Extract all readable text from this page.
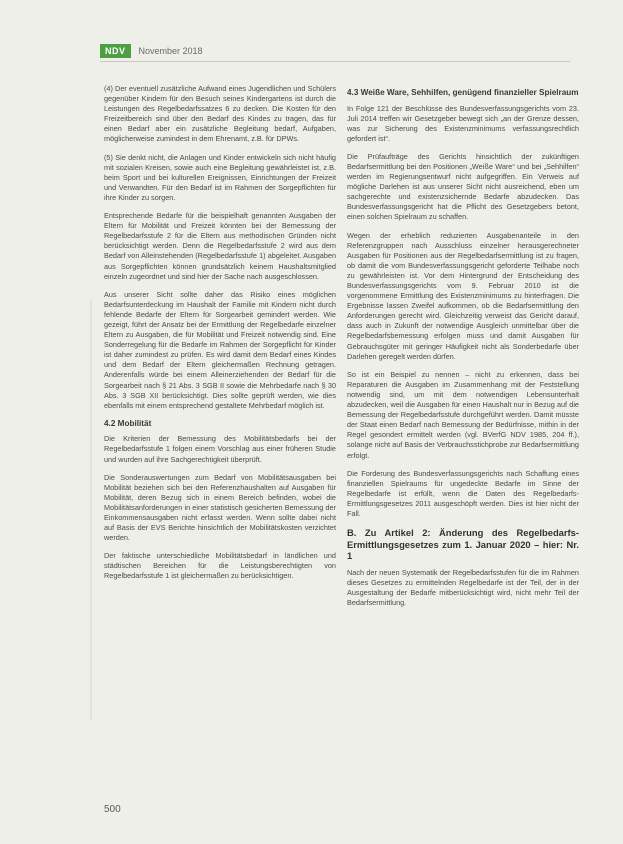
NDV	November 2018

(4) Der eventuell zusätzliche Aufwand eines Jugendlichen und Schülers gegenüber Kindern für den Besuch seines Kindergartens ist durch die Leistungen des Regelbedarfssatzes 6 zu decken. Die Kosten für den Freizeitbereich sind über den Bedarf des Kindes zu tragen, das für einen Bedarf aber ein zusätzliche Begleitung bedarf, Aufgaben, möglicherweise zumindest in dem Ehrenamt, z.B. für DPWs.

(5) Sie denkt nicht, die Anlagen und Kinder entwickeln sich nicht häufig mit sozialen Kreisen, sowie auch eine Begleitung gewährleistet ist, z.B. beim Sport und bei kulturellen Ereignissen, Einrichtungen der Freizeit und Verwandten. Für den Bedarf ist im Rahmen der Sorgepflichten für ihre Kinder zu sorgen.

Entsprechende Bedarfe für die beispielhaft genannten Ausgaben der Eltern für Mobilität und Freizeit könnten bei der Bemessung der Regelbedarfsstufe 2 für die Eltern aus methodischen Gründen nicht berücksichtigt werden. Denn die Regelbedarfsstufe 2 wird aus dem Bedarf von Alleinstehenden (Regelbedarfsstufe 1) abgeleitet. Ausgaben aus Sorgepflichten können grundsätzlich keinem Haushaltsmitglied einzeln zugeordnet und sind hier der Sache nach ausgeschlossen.

Aus unserer Sicht sollte daher das Risiko eines möglichen Bedarfsunterdeckung im Haushalt der Familie mit Kindern nicht durch fehlende Bedarfe der Eltern für Sorgearbeit gemindert werden. Wie gezeigt, führt der Ansatz bei der Ermittlung der Regelbedarfe einzelner Eltern zu Ausgaben, die für Mobilität und Freizeit notwendig sind. Eine Sonderregelung für die Bedarfe im Rahmen der Sorgepflicht für Kinder ist daher zumindest zu prüfen. Es wird damit dem Bedarf eines Kindes und dem Bedarf der Eltern gleichermaßen Rechnung getragen. Anderenfalls würde bei einem Alleinerziehenden der Bedarf für die Sorgearbeit nach § 21 Abs. 3 SGB II sowie die Mehrbedarfe nach § 30 Abs. 3 SGB XII berücksichtigt. Dies sollte geprüft werden, wie dies ebenfalls mit einem entsprechend gestaltete Mehrbedarf möglich ist.

4.2 Mobilität

Die Kriterien der Bemessung des Mobilitätsbedarfs bei der Regelbedarfsstufe 1 folgen einem Vorschlag aus einer früheren Studie und wurden auf ihre Sachgerechtigkeit überprüft.

Die Sonderauswertungen zum Bedarf von Mobilitätsausgaben bei Mobilität beziehen sich bei den Referenzhaushalten auf Ausgaben für Mobilität, deren Bezug sich in einem Bereich befinden, wobei die Mobilitätsanforderungen in einer statistisch gesicherten Bemessung der Einkommensausgaben nicht erfasst werden. Wenn sollte dabei nicht auf Basis der EVS Berichte hinsichtlich der Mobilitätskosten verzichtet werden.

Der faktische unterschiedliche Mobilitätsbedarf in ländlichen und städtischen Bereichen für die Leistungsberechtigten von Regelbedarfsstufe 1 ist gleichermaßen zu berücksichtigen.

4.3 Weiße Ware, Sehhilfen, genügend finanzieller Spielraum

In Folge 121 der Beschlüsse des Bundesverfassungsgerichts vom 23. Juli 2014 treffen wir Gesetzgeber bewegt sich „an der Grenze dessen, was zur Sicherung des Existenzminimums verfassungsrechtlich gefordert ist“.

Die Prüfaufträge des Gerichts hinsichtlich der zukünftigen Bedarfsermittlung bei den Positionen „Weiße Ware“ und bei „Sehhilfen“ werden im Regierungsentwurf nicht aufgegriffen. Ein Verweis auf mögliche Darlehen ist aus unserer Sicht nicht ausreichend, eben um sachgerechte und existenzsichernde Bedarfe abzudecken. Das Bundesverfassungsgericht hat die Pflicht des Gesetzgebers betont, einen solchen Spielraum zu schaffen.

Wegen der erheblich reduzierten Ausgabenanteile in den Referenzgruppen nach Ausschluss einzelner herausgerechneter Ausgaben für Positionen aus der Regelbedarfsermittlung ist zu fragen, ob damit die vom Bundesverfassungsgericht geforderte Teilhabe noch zu gewährleisten ist. Vor dem Hintergrund der Entscheidung des Bundesverfassungsgerichts vom 9. Februar 2010 ist die vorgenommene Ermittlung des Existenzminimums zu hinterfragen. Die Ergebnisse lassen Zweifel aufkommen, ob die Bedarfsermittlung den Anforderungen gerecht wird. Gleichzeitig verweist das Gericht darauf, dass auch in Zukunft der notwendige Ausgleich unmittelbar über die Regelbedarfsbemessung erfolgen muss und damit Ausgaben für Gebrauchsgüter mit geringer Häufigkeit nicht als Sonderbedarfe über Darlehen geregelt werden dürfen.

So ist ein Beispiel zu nennen – nicht zu erkennen, dass bei Reparaturen die Ausgaben im Zusammenhang mit der Feststellung notwendig sind, um mit dem notwendigen Lebensunterhalt abzudecken, weil die Ausgaben für einen Haushalt nur in Bezug auf die Bemessung der Regelbedarfsstufe durchgeführt werden. Damit müsste der Staat einen Bedarf nach Bemessung der Bedürfnisse, mithin in der Regel gesondert ermittelt werden (vgl. BVerfG NDV 1985, 204 ff.), solange nicht auf Basis der Verbrauchsstichprobe zur Bedarfsermittlung erfolgt.

Die Forderung des Bundesverfassungsgerichts nach Schaffung eines finanziellen Spielraums für ungedeckte Bedarfe im Sinne der Regelbedarfe ist erfüllt, wenn die Daten des Regelbedarfs-Ermittlungsgesetzes 2011 ausgeschöpft werden. Dies ist hier nicht der Fall.

B. Zu Artikel 2: Änderung des Regelbedarfs-Ermittlungsgesetzes zum 1. Januar 2020 – hier: Nr. 1

Nach der neuen Systematik der Regelbedarfsstufen für die im Rahmen dieses Gesetzes zu ermittelnden Regelbedarfe ist der Teil, der in der Ausgestaltung der Bedarfe mitberücksichtigt wird, nicht mehr Teil der Bedarfsermittlung.

500
